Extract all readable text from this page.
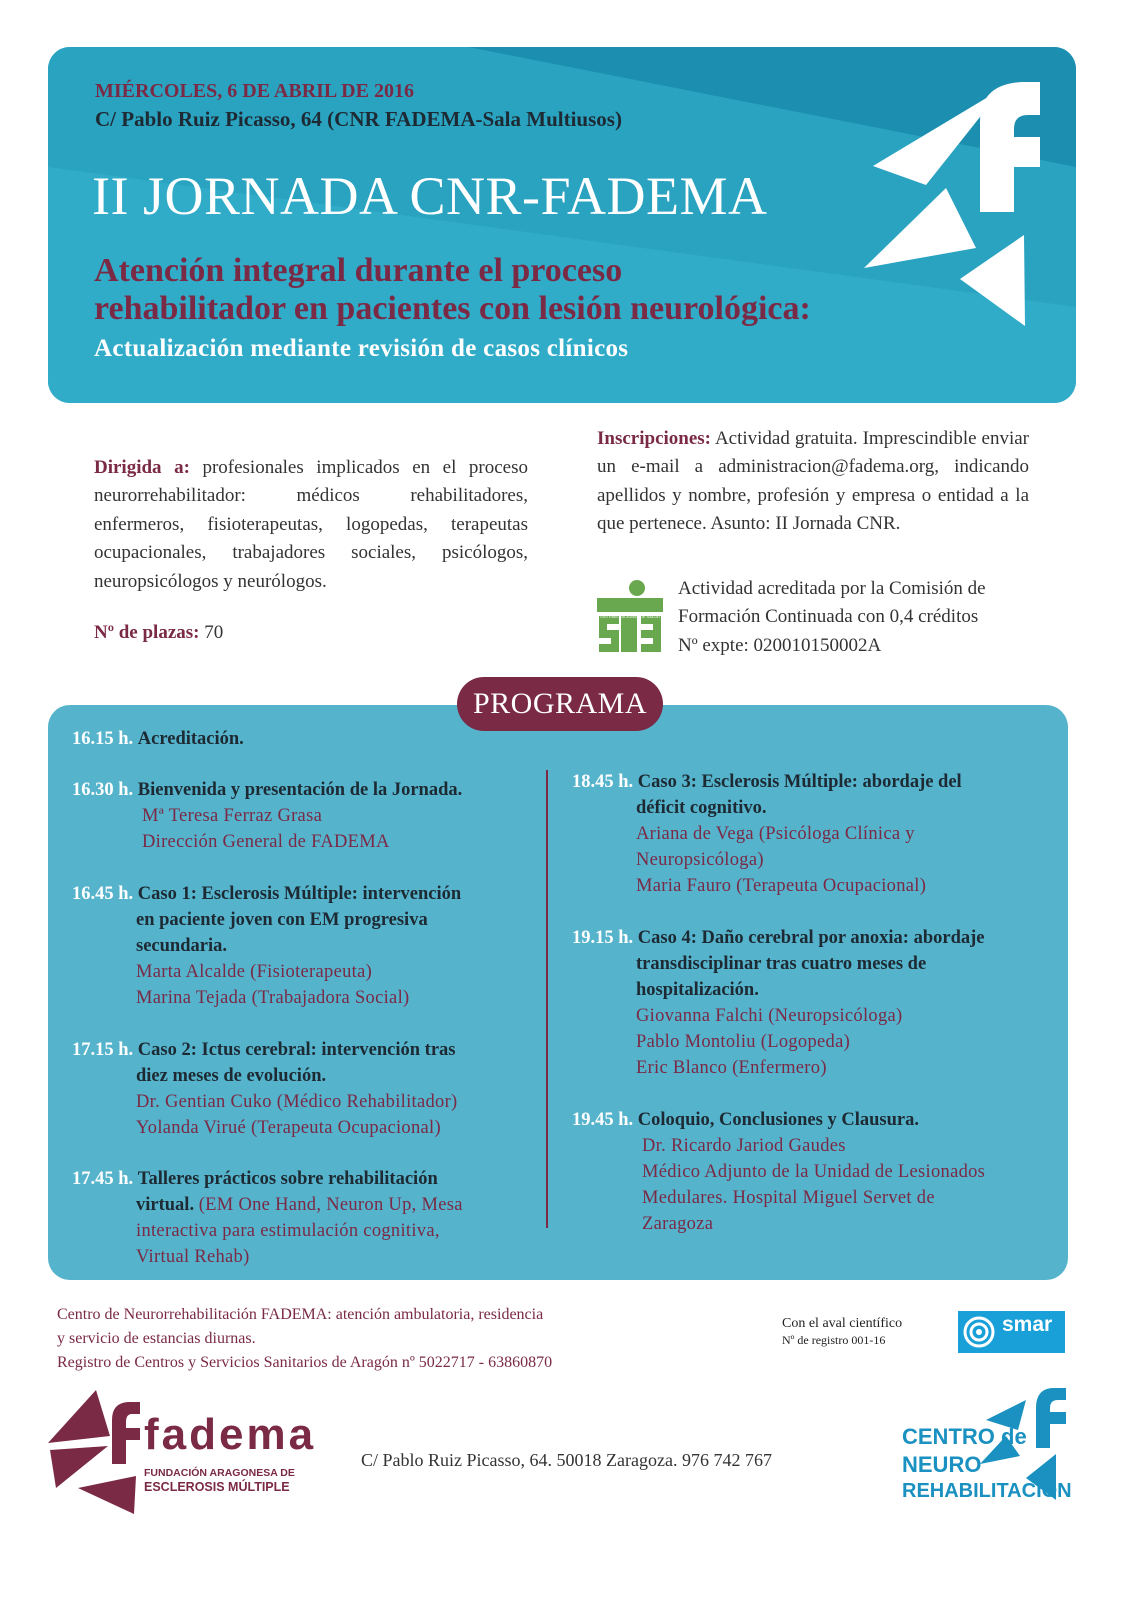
MIÉRCOLES, 6 DE ABRIL DE 2016
C/ Pablo Ruiz Picasso, 64 (CNR FADEMA-Sala Multiusos)
II JORNADA CNR-FADEMA
Atención integral durante el proceso
rehabilitador en pacientes con lesión neurológica:
Actualización mediante revisión de casos clínicos
Dirigida a: profesionales implicados en el proceso neurorrehabilitador: médicos rehabilitadores, enfermeros, fisioterapeutas, logopedas, terapeutas ocupacionales, trabajadores sociales, psicólogos, neuropsicólogos y neurólogos.
Nº de plazas: 70
Inscripciones: Actividad gratuita. Imprescindible enviar un e-mail a administracion@fadema.org, indicando apellidos y nombre, profesión y empresa o entidad a la que pertenece. Asunto: II Jornada CNR.
SISTEMA NACIONAL DE SALUD
Actividad acreditada por la Comisión de
Formación Continuada con 0,4 créditos
Nº expte: 020010150002A
PROGRAMA
16.15 h. Acreditación.
16.30 h. Bienvenida y presentación de la Jornada.
Mª Teresa Ferraz Grasa
Dirección General de FADEMA
16.45 h. Caso 1: Esclerosis Múltiple: intervención
en paciente joven con EM progresiva
secundaria.
Marta Alcalde (Fisioterapeuta)
Marina Tejada (Trabajadora Social)
17.15 h. Caso 2: Ictus cerebral: intervención tras
diez meses de evolución.
Dr. Gentian Cuko (Médico Rehabilitador)
Yolanda Virué (Terapeuta Ocupacional)
17.45 h. Talleres prácticos sobre rehabilitación
virtual. (EM One Hand, Neuron Up, Mesa
interactiva para estimulación cognitiva,
Virtual Rehab)
18.45 h. Caso 3: Esclerosis Múltiple: abordaje del
déficit cognitivo.
Ariana de Vega (Psicóloga Clínica y
Neuropsicóloga)
Maria Fauro (Terapeuta Ocupacional)
19.15 h. Caso 4: Daño cerebral por anoxia: abordaje
transdisciplinar tras cuatro meses de
hospitalización.
Giovanna Falchi (Neuropsicóloga)
Pablo Montoliu (Logopeda)
Eric Blanco (Enfermero)
19.45 h. Coloquio, Conclusiones y Clausura.
Dr. Ricardo Jariod Gaudes
Médico Adjunto de la Unidad de Lesionados
Medulares. Hospital Miguel Servet de
Zaragoza
Centro de Neurorrehabilitación FADEMA: atención ambulatoria, residencia
y servicio de estancias diurnas.
Registro de Centros y Servicios Sanitarios de Aragón nº 5022717 - 63860870
Con el aval científico
Nº de registro 001-16
smar
fadema
FUNDACIÓN ARAGONESA DE
ESCLEROSIS MÚLTIPLE
C/ Pablo Ruiz Picasso, 64. 50018 Zaragoza. 976 742 767
CENTRO de
NEURO
REHABILITACIÓN
